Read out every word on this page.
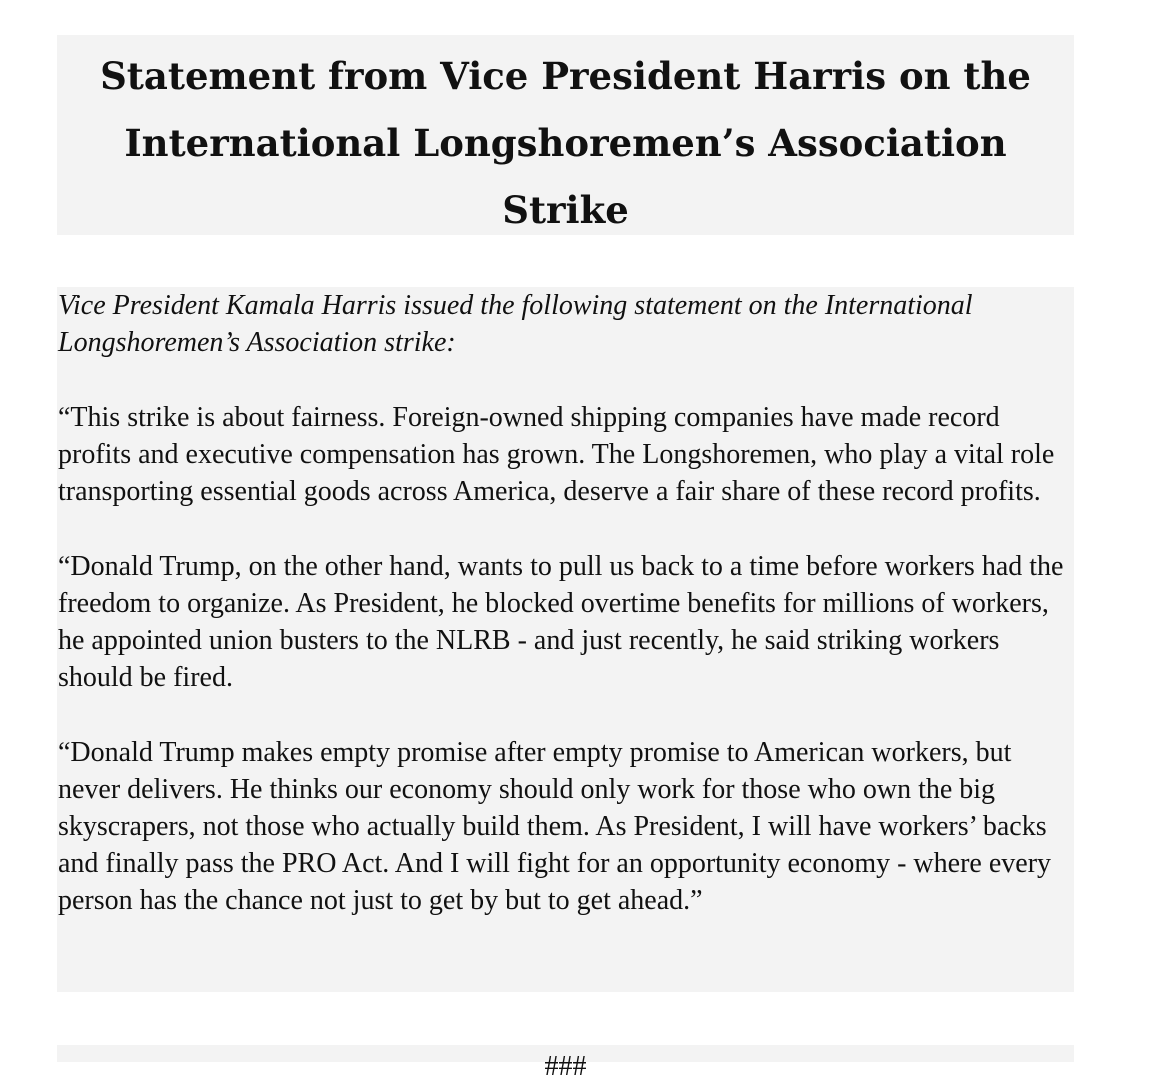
Statement from Vice President Harris on the International Longshoremen’s Association Strike

Vice President Kamala Harris issued the following statement on the International Longshoremen’s Association strike:

“This strike is about fairness. Foreign-owned shipping companies have made record profits and executive compensation has grown. The Longshoremen, who play a vital role transporting essential goods across America, deserve a fair share of these record profits.

“Donald Trump, on the other hand, wants to pull us back to a time before workers had the freedom to organize. As President, he blocked overtime benefits for millions of workers, he appointed union busters to the NLRB - and just recently, he said striking workers should be fired.

“Donald Trump makes empty promise after empty promise to American workers, but never delivers. He thinks our economy should only work for those who own the big skyscrapers, not those who actually build them. As President, I will have workers’ backs and finally pass the PRO Act. And I will fight for an opportunity economy - where every person has the chance not just to get by but to get ahead.”

###
